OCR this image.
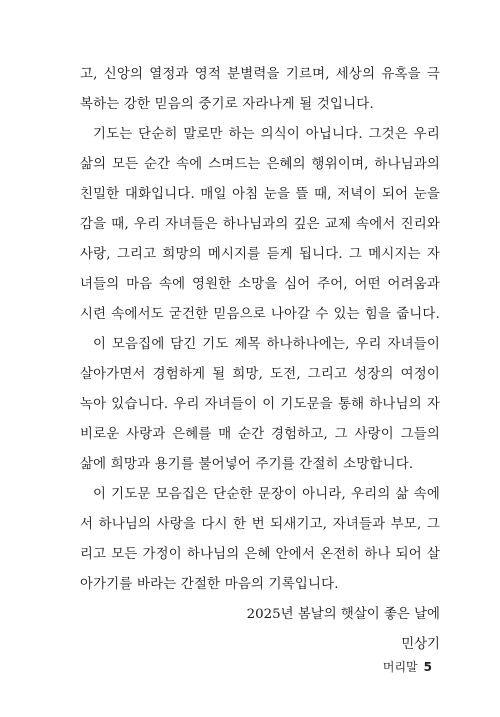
고, 신앙의 열정과 영적 분별력을 기르며, 세상의 유혹을 극
복하는 강한 믿음의 중기로 자라나게 될 것입니다.
기도는 단순히 말로만 하는 의식이 아닙니다. 그것은 우리
삶의 모든 순간 속에 스며드는 은혜의 행위이며, 하나님과의
친밀한 대화입니다. 매일 아침 눈을 뜰 때, 저녁이 되어 눈을
감을 때, 우리 자녀들은 하나님과의 깊은 교제 속에서 진리와
사랑, 그리고 희망의 메시지를 듣게 됩니다. 그 메시지는 자
녀들의 마음 속에 영원한 소망을 심어 주어, 어떤 어려움과
시련 속에서도 굳건한 믿음으로 나아갈 수 있는 힘을 줍니다.
이 모음집에 담긴 기도 제목 하나하나에는, 우리 자녀들이
살아가면서 경험하게 될 희망, 도전, 그리고 성장의 여정이
녹아 있습니다. 우리 자녀들이 이 기도문을 통해 하나님의 자
비로운 사랑과 은혜를 매 순간 경험하고, 그 사랑이 그들의
삶에 희망과 용기를 불어넣어 주기를 간절히 소망합니다.
이 기도문 모음집은 단순한 문장이 아니라, 우리의 삶 속에
서 하나님의 사랑을 다시 한 번 되새기고, 자녀들과 부모, 그
리고 모든 가정이 하나님의 은혜 안에서 온전히 하나 되어 살
아가기를 바라는 간절한 마음의 기록입니다.
2025년 봄날의 햇살이 좋은 날에
민상기
머리말 5
